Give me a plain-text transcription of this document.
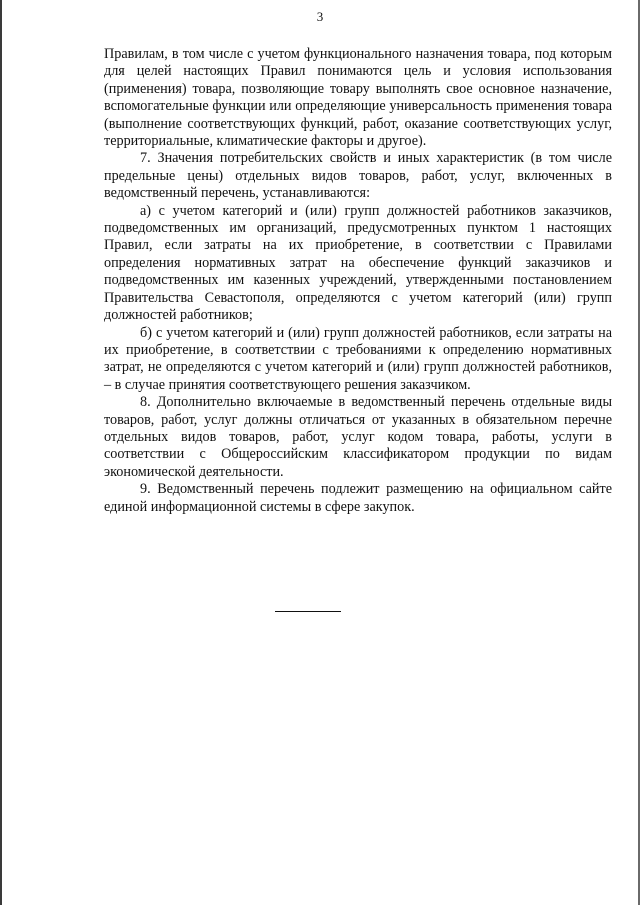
3

Правилам, в том числе с учетом функционального назначения товара, под которым для целей настоящих Правил понимаются цель и условия использования (применения) товара, позволяющие товару выполнять свое основное назначение, вспомогательные функции или определяющие универсальность применения товара (выполнение соответствующих функций, работ, оказание соответствующих услуг, территориальные, климатические факторы и другое).

7. Значения потребительских свойств и иных характеристик (в том числе предельные цены) отдельных видов товаров, работ, услуг, включенных в ведомственный перечень, устанавливаются:

а) с учетом категорий и (или) групп должностей работников заказчиков, подведомственных им организаций, предусмотренных пунктом 1 настоящих Правил, если затраты на их приобретение, в соответствии с Правилами определения нормативных затрат на обеспечение функций заказчиков и подведомственных им казенных учреждений, утвержденными постановлением Правительства Севастополя, определяются с учетом категорий (или) групп должностей работников;

б) с учетом категорий и (или) групп должностей работников, если затраты на их приобретение, в соответствии с требованиями к определению нормативных затрат, не определяются с учетом категорий и (или) групп должностей работников, – в случае принятия соответствующего решения заказчиком.

8. Дополнительно включаемые в ведомственный перечень отдельные виды товаров, работ, услуг должны отличаться от указанных в обязательном перечне отдельных видов товаров, работ, услуг кодом товара, работы, услуги в соответствии с Общероссийским классификатором продукции по видам экономической деятельности.

9. Ведомственный перечень подлежит размещению на официальном сайте единой информационной системы в сфере закупок.
